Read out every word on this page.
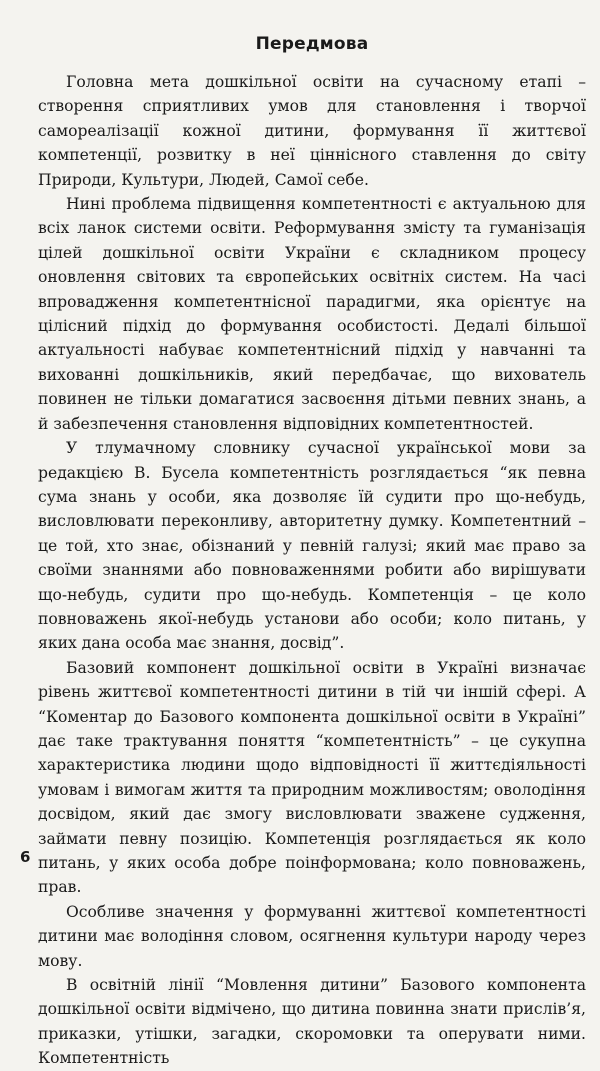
Передмова

Головна мета дошкільної освіти на сучасному етапі – створення сприятливих умов для становлення і творчої самореалізації кожної дитини, формування її життєвої компетенції, розвитку в неї ціннісного ставлення до світу Природи, Культури, Людей, Самої себе.

Нині проблема підвищення компетентності є актуальною для всіх ланок системи освіти. Реформування змісту та гуманізація цілей дошкільної освіти України є складником процесу оновлення світових та європейських освітніх систем. На часі впровадження компетентнісної парадигми, яка орієнтує на цілісний підхід до формування особистості. Дедалі більшої актуальності набуває компетентнісний підхід у навчанні та вихованні дошкільників, який передбачає, що вихователь повинен не тільки домагатися засвоєння дітьми певних знань, а й забезпечення становлення відповідних компетентностей.

У тлумачному словнику сучасної української мови за редакцією В. Бусела компетентність розглядається “як певна сума знань у особи, яка дозволяє їй судити про що-небудь, висловлювати переконливу, авторитетну думку. Компетентний – це той, хто знає, обізнаний у певній галузі; який має право за своїми знаннями або повноваженнями робити або вирішувати що-небудь, судити про що-небудь. Компетенція – це коло повноважень якої-небудь установи або особи; коло питань, у яких дана особа має знання, досвід”.

Базовий компонент дошкільної освіти в Україні визначає рівень життєвої компетентності дитини в тій чи іншій сфері. А “Коментар до Базового компонента дошкільної освіти в Україні” дає таке трактування поняття “компетентність” – це сукупна характеристика людини щодо відповідності її життєдіяльності умовам і вимогам життя та природним можливостям; оволодіння досвідом, який дає змогу висловлювати зважене судження, займати певну позицію. Компетенція розглядається як коло питань, у яких особа добре поінформована; коло повноважень, прав.

Особливе значення у формуванні життєвої компетентності дитини має володіння словом, осягнення культури народу через мову.

В освітній лінії “Мовлення дитини” Базового компонента дошкільної освіти відмічено, що дитина повинна знати прислів’я, приказки, утішки, загадки, скоромовки та оперувати ними. Компетентність

6
